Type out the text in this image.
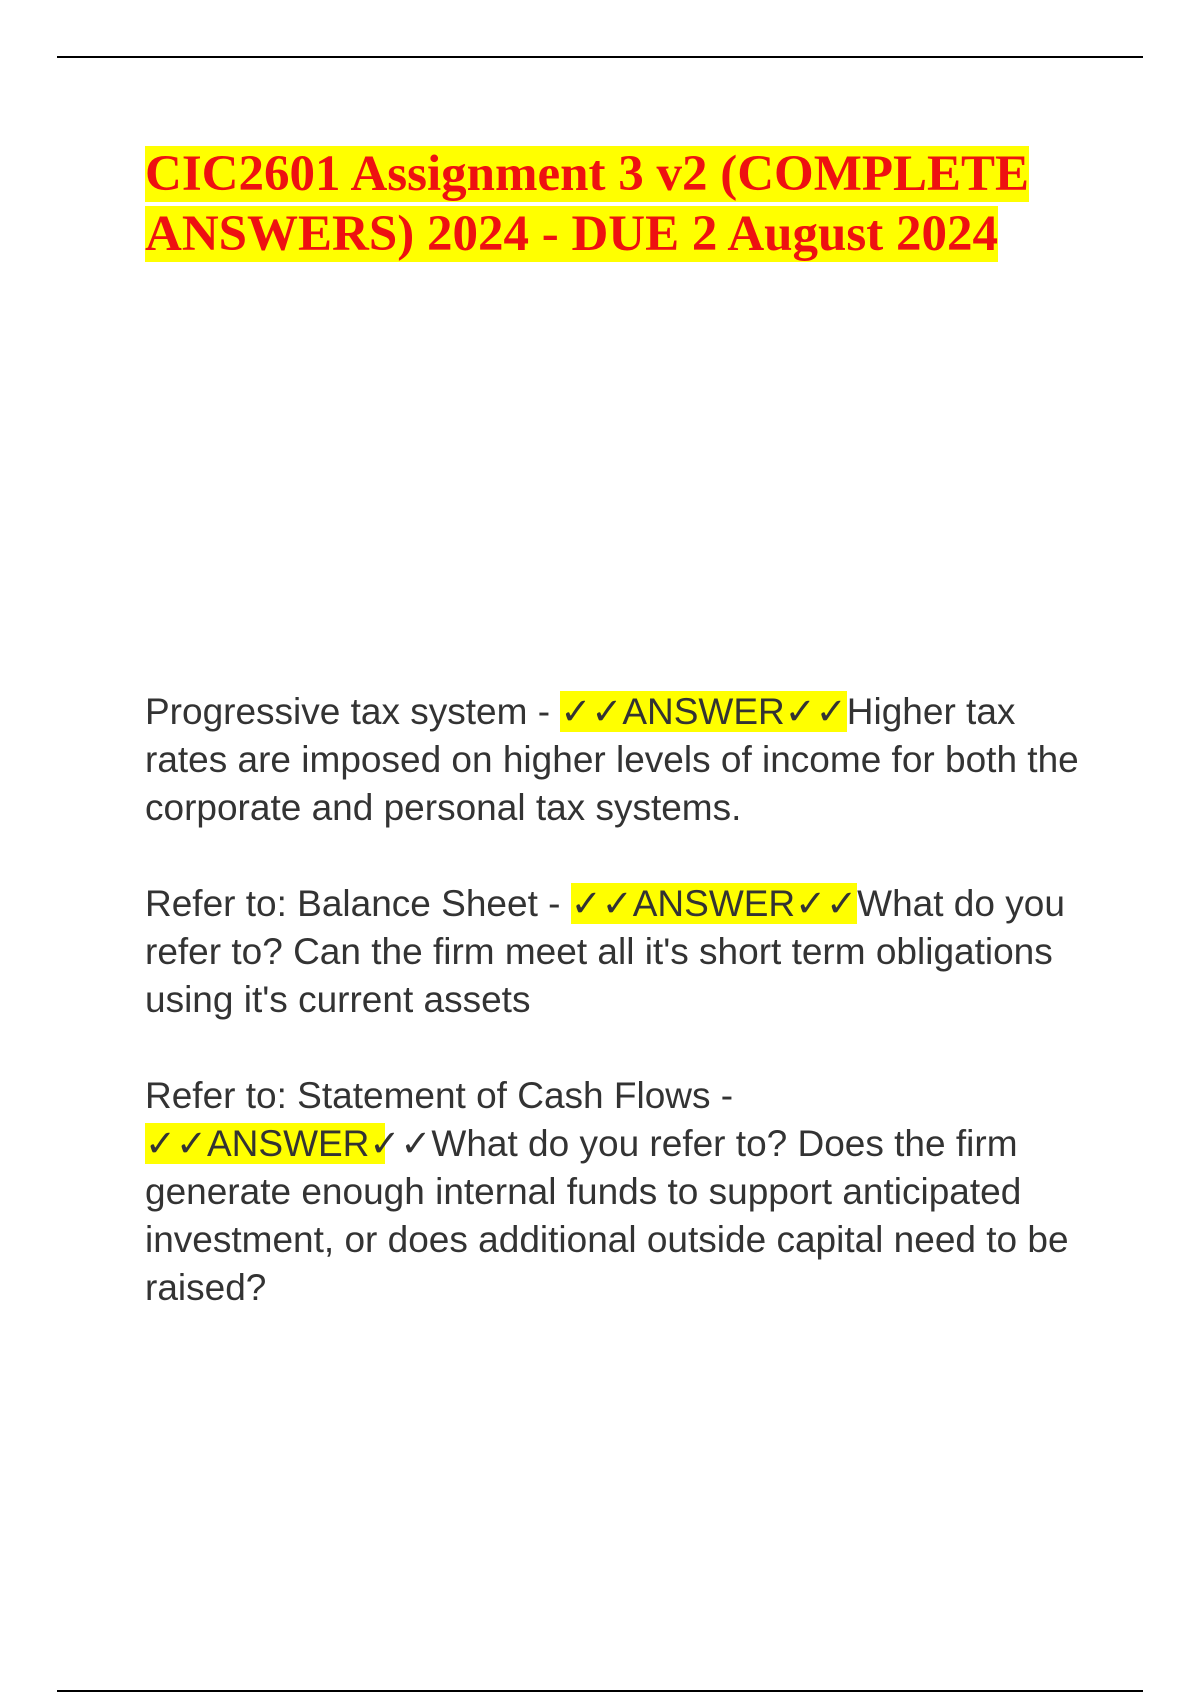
CIC2601 Assignment 3 v2 (COMPLETE ANSWERS) 2024 - DUE 2 August 2024

Progressive tax system - ✓✓ANSWER✓✓Higher tax rates are imposed on higher levels of income for both the corporate and personal tax systems.

Refer to: Balance Sheet - ✓✓ANSWER✓✓What do you refer to? Can the firm meet all it's short term obligations using it's current assets

Refer to: Statement of Cash Flows - ✓✓ANSWER✓✓What do you refer to? Does the firm generate enough internal funds to support anticipated investment, or does additional outside capital need to be raised?
